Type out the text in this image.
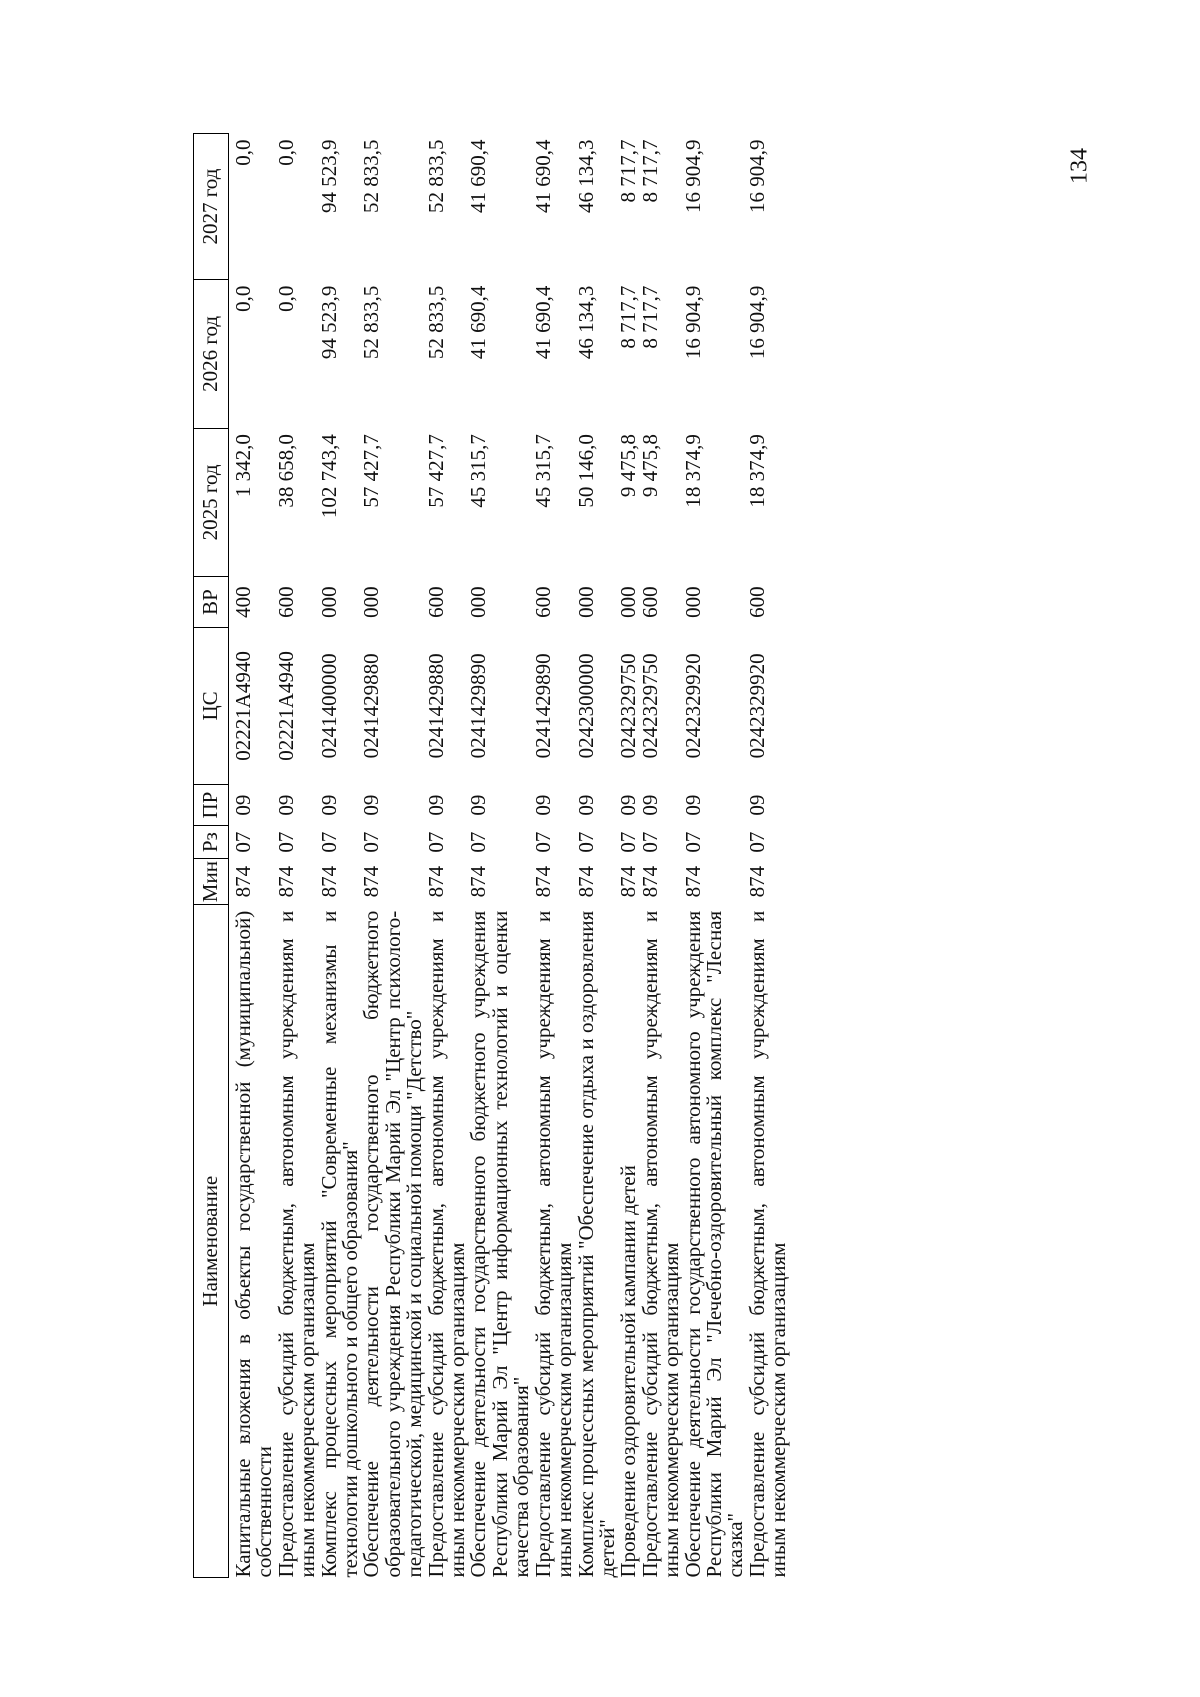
134
Наименование	Мин	Рз	ПР	ЦС	ВР	2025 год	2026 год	2027 год
Капитальные вложения в объекты государственной (муниципальной) собственности	874	07	09	02221A4940	400	1 342,0	0,0	0,0
Предоставление субсидий бюджетным, автономным учреждениям и иным некоммерческим организациям	874	07	09	02221A4940	600	38 658,0	0,0	0,0
Комплекс процессных мероприятий "Современные механизмы и технологии дошкольного и общего образования"	874	07	09	0241400000	000	102 743,4	94 523,9	94 523,9
Обеспечение деятельности государственного бюджетного образовательного учреждения Республики Марий Эл "Центр психолого-педагогической, медицинской и социальной помощи "Детство"	874	07	09	0241429880	000	57 427,7	52 833,5	52 833,5
Предоставление субсидий бюджетным, автономным учреждениям и иным некоммерческим организациям	874	07	09	0241429880	600	57 427,7	52 833,5	52 833,5
Обеспечение деятельности государственного бюджетного учреждения Республики Марий Эл "Центр информационных технологий и оценки качества образования"	874	07	09	0241429890	000	45 315,7	41 690,4	41 690,4
Предоставление субсидий бюджетным, автономным учреждениям и иным некоммерческим организациям	874	07	09	0241429890	600	45 315,7	41 690,4	41 690,4
Комплекс процессных мероприятий "Обеспечение отдыха и оздоровления детей"	874	07	09	0242300000	000	50 146,0	46 134,3	46 134,3
Проведение оздоровительной кампании детей	874	07	09	0242329750	000	9 475,8	8 717,7	8 717,7
Предоставление субсидий бюджетным, автономным учреждениям и иным некоммерческим организациям	874	07	09	0242329750	600	9 475,8	8 717,7	8 717,7
Обеспечение деятельности государственного автономного учреждения Республики Марий Эл "Лечебно-оздоровительный комплекс "Лесная сказка"	874	07	09	0242329920	000	18 374,9	16 904,9	16 904,9
Предоставление субсидий бюджетным, автономным учреждениям и иным некоммерческим организациям	874	07	09	0242329920	600	18 374,9	16 904,9	16 904,9
